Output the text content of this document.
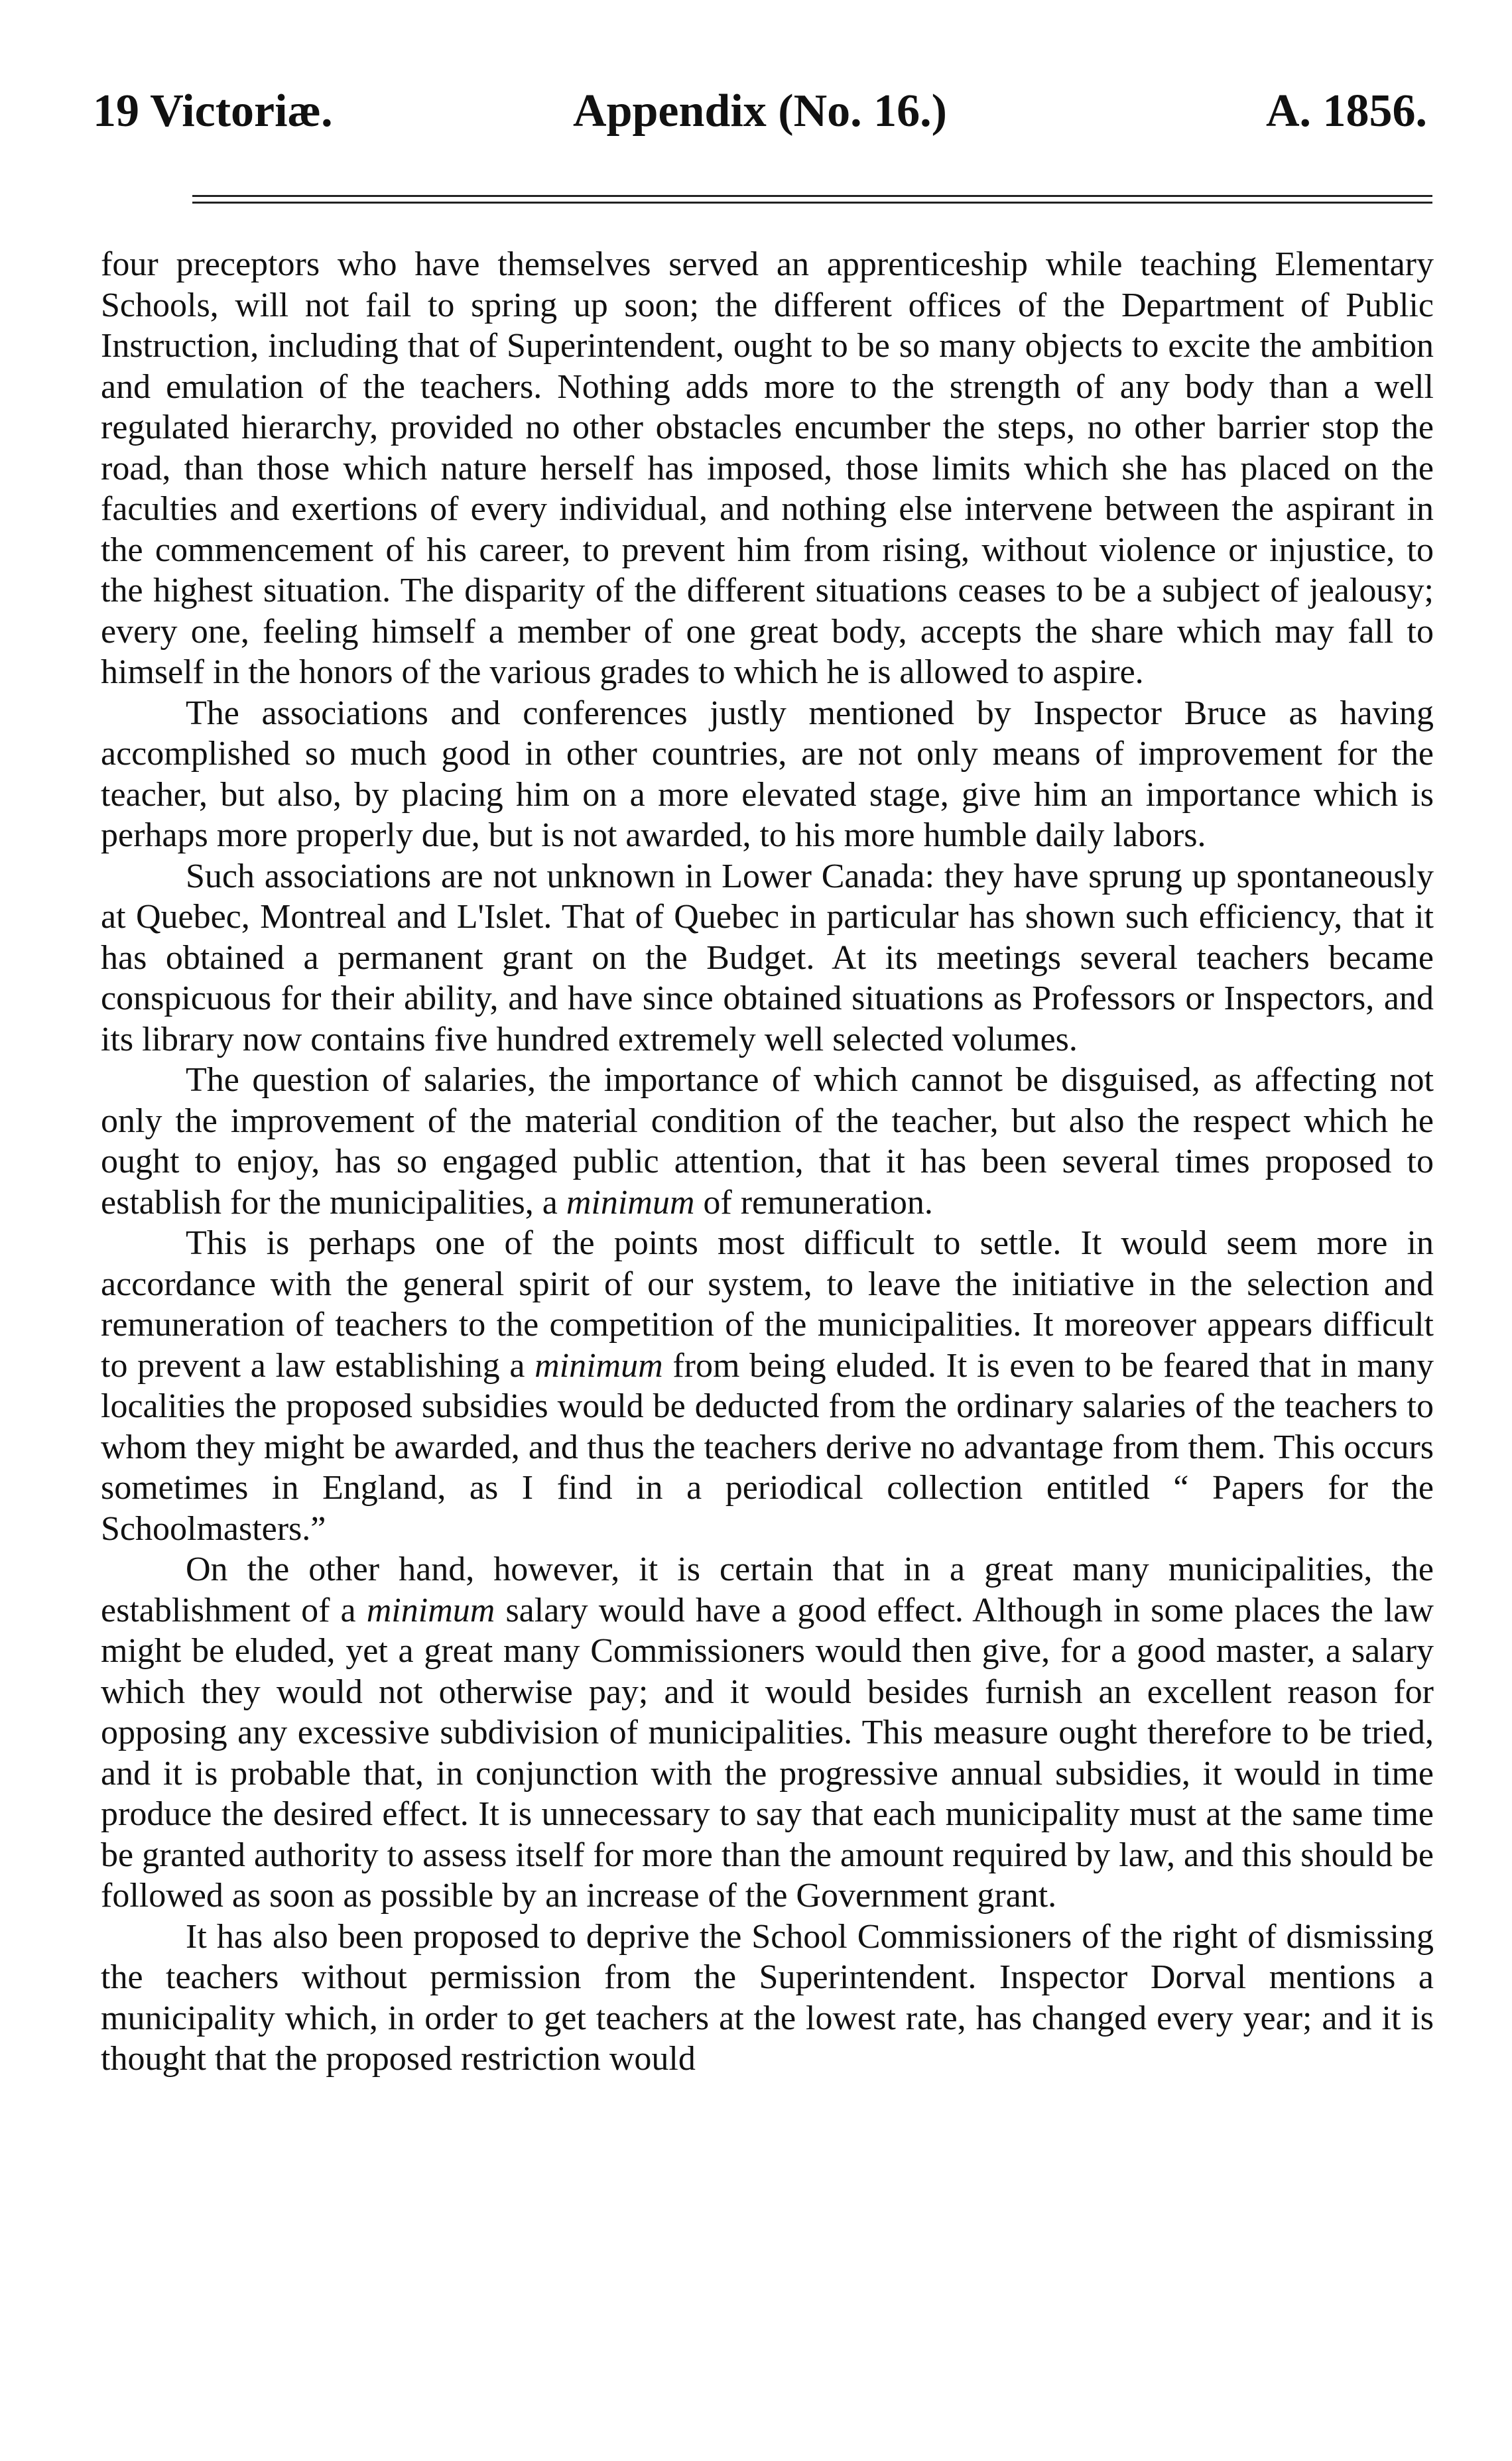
19 Victoriæ.	Appendix (No. 16.)	A. 1856.

four preceptors who have themselves served an apprenticeship while teaching Elementary Schools, will not fail to spring up soon; the different offices of the Department of Public Instruction, including that of Superintendent, ought to be so many objects to excite the ambition and emulation of the teachers. Nothing adds more to the strength of any body than a well regulated hierarchy, provided no other obstacles encumber the steps, no other barrier stop the road, than those which nature herself has imposed, those limits which she has placed on the faculties and exertions of every individual, and nothing else intervene between the aspirant in the commencement of his career, to prevent him from rising, without violence or injustice, to the highest situation. The disparity of the different situations ceases to be a subject of jealousy; every one, feeling himself a member of one great body, accepts the share which may fall to himself in the honors of the various grades to which he is allowed to aspire.

The associations and conferences justly mentioned by Inspector Bruce as having accomplished so much good in other countries, are not only means of improvement for the teacher, but also, by placing him on a more elevated stage, give him an importance which is perhaps more properly due, but is not awarded, to his more humble daily labors.

Such associations are not unknown in Lower Canada: they have sprung up spontaneously at Quebec, Montreal and L'Islet. That of Quebec in particular has shown such efficiency, that it has obtained a permanent grant on the Budget. At its meetings several teachers became conspicuous for their ability, and have since obtained situations as Professors or Inspectors, and its library now contains five hundred extremely well selected volumes.

The question of salaries, the importance of which cannot be disguised, as affecting not only the improvement of the material condition of the teacher, but also the respect which he ought to enjoy, has so engaged public attention, that it has been several times proposed to establish for the municipalities, a minimum of remuneration.

This is perhaps one of the points most difficult to settle. It would seem more in accordance with the general spirit of our system, to leave the initiative in the selection and remuneration of teachers to the competition of the municipalities. It moreover appears difficult to prevent a law establishing a minimum from being eluded. It is even to be feared that in many localities the proposed subsidies would be deducted from the ordinary salaries of the teachers to whom they might be awarded, and thus the teachers derive no advantage from them. This occurs sometimes in England, as I find in a periodical collection entitled “ Papers for the Schoolmasters.”

On the other hand, however, it is certain that in a great many municipalities, the establishment of a minimum salary would have a good effect. Although in some places the law might be eluded, yet a great many Commissioners would then give, for a good master, a salary which they would not otherwise pay; and it would besides furnish an excellent reason for opposing any excessive subdivision of municipalities. This measure ought therefore to be tried, and it is probable that, in conjunction with the progressive annual subsidies, it would in time produce the desired effect. It is unnecessary to say that each municipality must at the same time be granted authority to assess itself for more than the amount required by law, and this should be followed as soon as possible by an increase of the Government grant.

It has also been proposed to deprive the School Commissioners of the right of dismissing the teachers without permission from the Superintendent. Inspector Dorval mentions a municipality which, in order to get teachers at the lowest rate, has changed every year; and it is thought that the proposed restriction would
